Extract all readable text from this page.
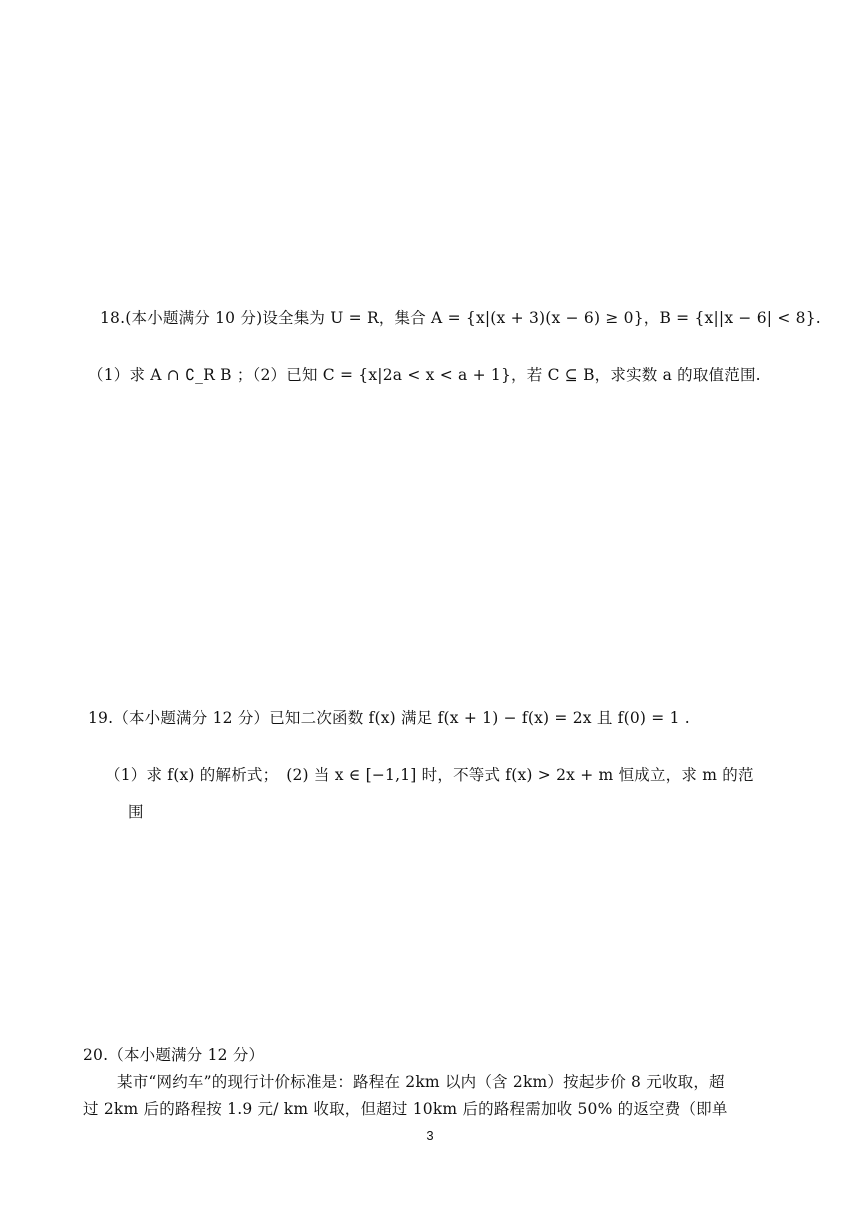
18.(本小题满分 10 分)设全集为 U = R，集合 A = {x|(x + 3)(x − 6) ≥ 0}，B = {x||x − 6| < 8}.
（1）求 A ∩ ∁_R B ；（2）已知 C = {x|2a < x < a + 1}，若 C ⊆ B，求实数 a 的取值范围.
19.（本小题满分 12 分）已知二次函数 f(x) 满足 f(x + 1) − f(x) = 2x 且 f(0) = 1 .
（1）求 f(x) 的解析式；　(2) 当 x ∈ [−1,1] 时，不等式 f(x) > 2x + m 恒成立，求 m 的范
围
20.（本小题满分 12 分）
某市“网约车”的现行计价标准是：路程在 2km 以内（含 2km）按起步价 8 元收取，超
过 2km 后的路程按 1.9 元/ km 收取，但超过 10km 后的路程需加收 50% 的返空费（即单
3
